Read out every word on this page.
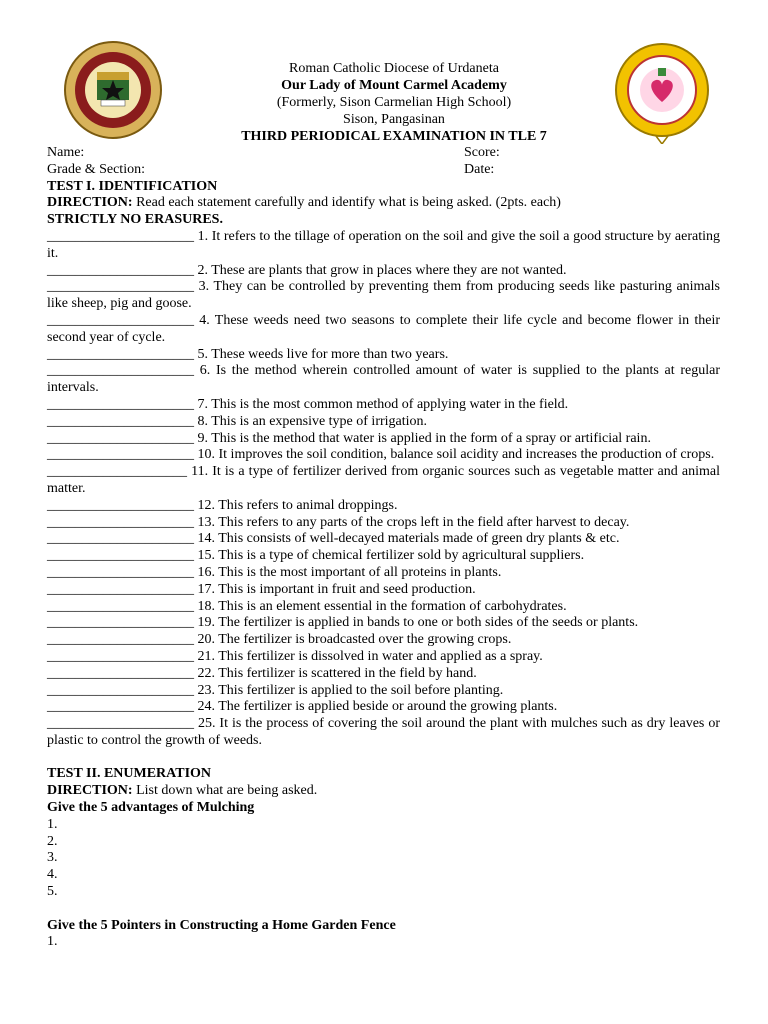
Roman Catholic Diocese of Urdaneta
Our Lady of Mount Carmel Academy
(Formerly, Sison Carmelian High School)
Sison, Pangasinan
THIRD PERIODICAL EXAMINATION IN TLE 7
Name:	Score:
Grade & Section:	Date:

TEST I. IDENTIFICATION

DIRECTION: Read each statement carefully and identify what is being asked. (2pts. each)

STRICTLY NO ERASURES.

_____________________ 1. It refers to the tillage of operation on the soil and give the soil a good structure by aerating it.

_____________________ 2. These are plants that grow in places where they are not wanted.

_____________________ 3. They can be controlled by preventing them from producing seeds like pasturing animals like sheep, pig and goose.

_____________________ 4. These weeds need two seasons to complete their life cycle and become flower in their second year of cycle.

_____________________ 5. These weeds live for more than two years.

_____________________ 6. Is the method wherein controlled amount of water is supplied to the plants at regular intervals.

_____________________ 7. This is the most common method of applying water in the field.

_____________________ 8. This is an expensive type of irrigation.

_____________________ 9. This is the method that water is applied in the form of a spray or artificial rain.

_____________________ 10. It improves the soil condition, balance soil acidity and increases the production of crops.

____________________ 11. It is a type of fertilizer derived from organic sources such as vegetable matter and animal matter.

_____________________ 12. This refers to animal droppings.

_____________________ 13. This refers to any parts of the crops left in the field after harvest to decay.

_____________________ 14. This consists of well-decayed materials made of green dry plants & etc.

_____________________ 15. This is a type of chemical fertilizer sold by agricultural suppliers.

_____________________ 16. This is the most important of all proteins in plants.

_____________________ 17. This is important in fruit and seed production.

_____________________ 18. This is an element essential in the formation of carbohydrates.

_____________________ 19. The fertilizer is applied in bands to one or both sides of the seeds or plants.

_____________________ 20. The fertilizer is broadcasted over the growing crops.

_____________________ 21. This fertilizer is dissolved in water and applied as a spray.

_____________________ 22. This fertilizer is scattered in the field by hand.

_____________________ 23. This fertilizer is applied to the soil before planting.

_____________________ 24. The fertilizer is applied beside or around the growing plants.

_____________________ 25. It is the process of covering the soil around the plant with mulches such as dry leaves or plastic to control the growth of weeds.

TEST II. ENUMERATION

DIRECTION: List down what are being asked.

Give the 5 advantages of Mulching

1.

2.

3.

4.

5.

Give the 5 Pointers in Constructing a Home Garden Fence

1.
